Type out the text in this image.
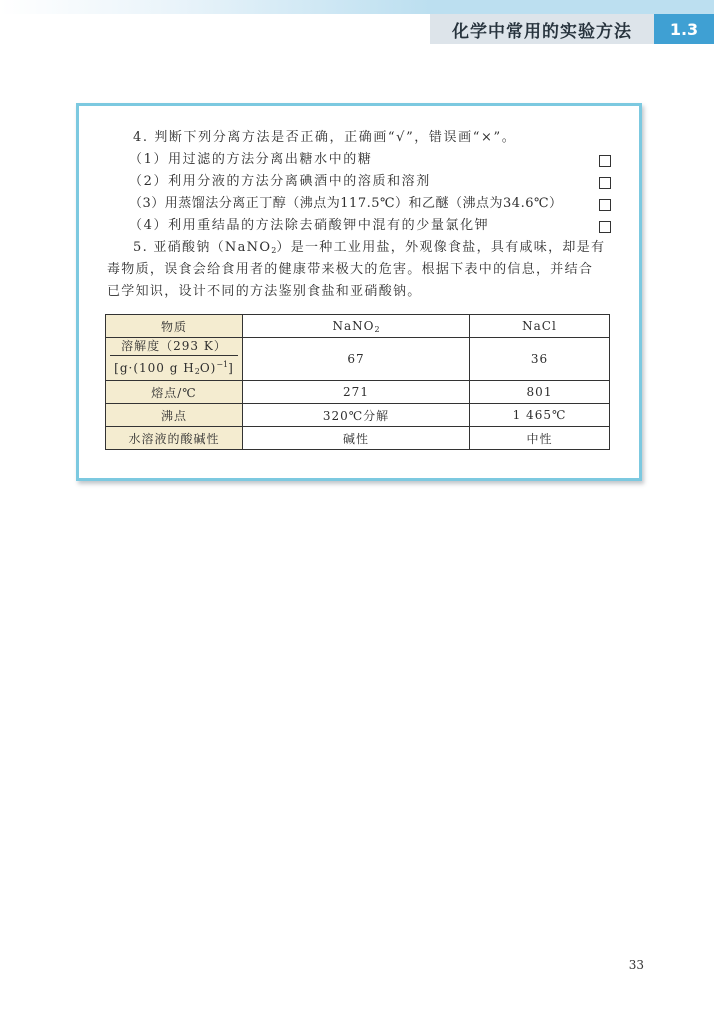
化学中常用的实验方法 1.3
4. 判断下列分离方法是否正确，正确画“√”，错误画“×”。
（1）用过滤的方法分离出糖水中的糖
（2）利用分液的方法分离碘酒中的溶质和溶剂
（3）用蒸馏法分离正丁醇（沸点为117.5℃）和乙醚（沸点为34.6℃）
（4）利用重结晶的方法除去硝酸钾中混有的少量氯化钾
5. 亚硝酸钠（NaNO$_2$）是一种工业用盐，外观像食盐，具有咸味，却是有
毒物质，误食会给食用者的健康带来极大的危害。根据下表中的信息，并结合
已学知识，设计不同的方法鉴别食盐和亚硝酸钠。
物质	NaNO$_2$	NaCl

溶解度（293 K）
[g·(100 g $H_2O)^{-1}$]	67	36
熔点/℃	271	801
沸点	320℃分解	1 465℃
水溶液的酸碱性	碱性	中性
33
